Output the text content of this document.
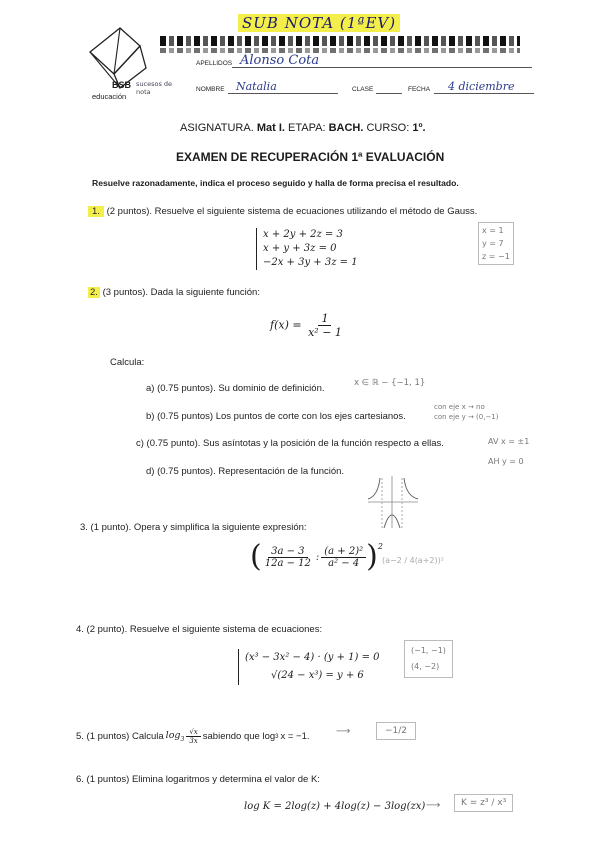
BSB
educación
sucesos de nota
SUB NOTA (1ªEV)
APELLIDOS Alonso Cota
NOMBRE Natalia	CLASE	FECHA 4 diciembre
ASIGNATURA. Mat I. ETAPA: BACH. CURSO: 1º.
EXAMEN DE RECUPERACIÓN 1ª EVALUACIÓN
Resuelve razonadamente, indica el proceso seguido y halla de forma precisa el resultado.
1. (2 puntos). Resuelve el siguiente sistema de ecuaciones utilizando el método de Gauss.
x + 2y + 2z = 3
x + y + 3z = 0
−2x + 3y + 3z = 1
x = 1
y = 7
z = −1
2. (3 puntos). Dada la siguiente función:
$f(x) = \frac{1}{\text{x² − 1}}$
Calcula:
a) (0.75 puntos). Su dominio de definición.	x ∈ ℝ − {−1, 1}
b) (0.75 puntos) Los puntos de corte con los ejes cartesianos.
con eje x → no
con eje y → (0,−1)
c) (0.75 punto). Sus asíntotas y la posición de la función respecto a ellas.	AV x = ±1
AH y = 0
d) (0.75 puntos). Representación de la función.
3. (1 punto). Opera y simplifica la siguiente expresión:
( $\frac{3a - 3}{12a - 12}$ : $\frac{\text{(a + 2)²}}{\text{a² − 4}} )^2$
(a−2 / 4(a+2))²
4. (2 punto). Resuelve el siguiente sistema de ecuaciones:
(x³ − 3x² − 4) · (y + 1) = 0
√(24 − x³) = y + 6
(−1, −1)
(4, −2)
5. (1 puntos) Calcula $\log_3 \frac{√x}{3x}$ sabiendo que log 3 x = −1.	⟶	−1/2
6. (1 puntos) Elimina logaritmos y determina el valor de K:
log K = 2log(z) + 4log(z) − 3log(zx) ⟶	K = z³ / x³
